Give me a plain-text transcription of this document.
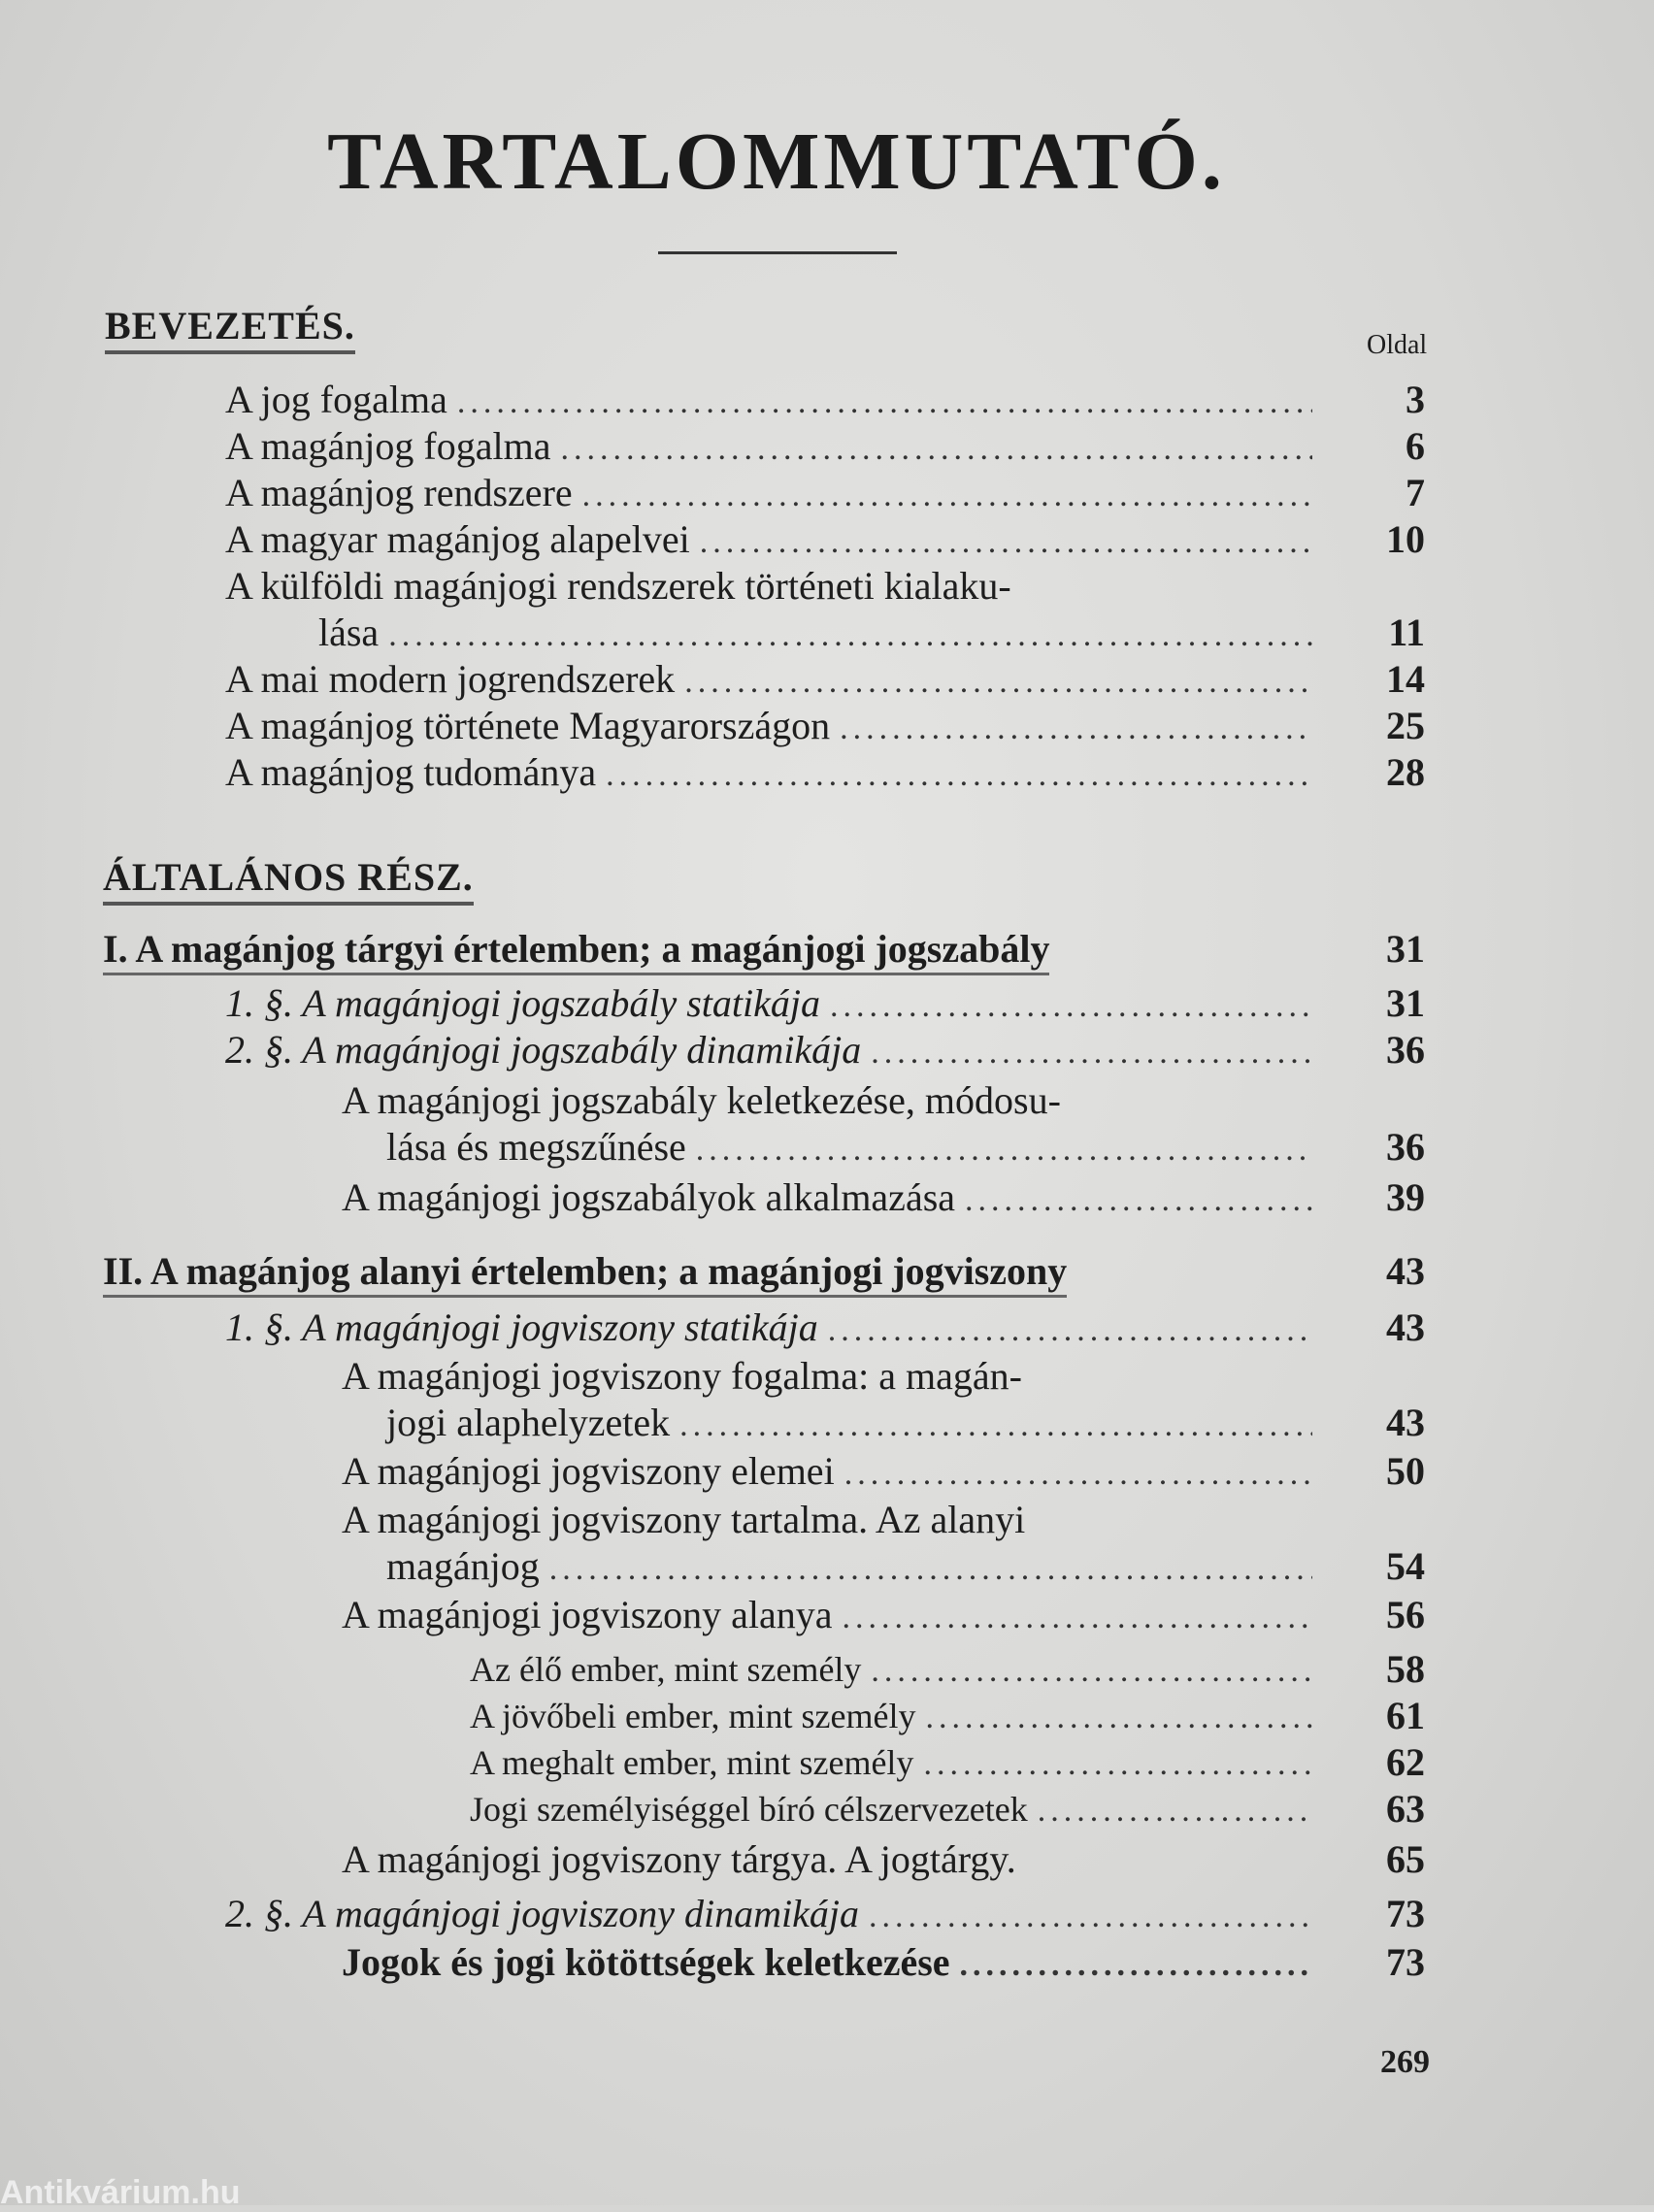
TARTALOMMUTATÓ.
BEVEZETÉS.	Oldal
A jog fogalma .....	3
A magánjog fogalma .....	6
A magánjog rendszere .....	7
A magyar magánjog alapelvei .....	10
A külföldi magánjogi rendszerek történeti kialaku-
lása .....	11
A mai modern jogrendszerek .....	14
A magánjog története Magyarországon .....	25
A magánjog tudománya .....	28
ÁLTALÁNOS RÉSZ.
I. A magánjog tárgyi értelemben; a magánjogi jogszabály	31
1. §. A magánjogi jogszabály statikája .....	31
2. §. A magánjogi jogszabály dinamikája .....	36
A magánjogi jogszabály keletkezése, módosu-
lása és megszűnése .....	36
A magánjogi jogszabályok alkalmazása .....	39
II. A magánjog alanyi értelemben; a magánjogi jogviszony	43
1. §. A magánjogi jogviszony statikája .....	43
A magánjogi jogviszony fogalma: a magán-
jogi alaphelyzetek .....	43
A magánjogi jogviszony elemei .....	50
A magánjogi jogviszony tartalma. Az alanyi
magánjog .....	54
A magánjogi jogviszony alanya .....	56
Az élő ember, mint személy .....	58
A jövőbeli ember, mint személy .....	61
A meghalt ember, mint személy .....	62
Jogi személyiséggel bíró célszervezetek .....	63
A magánjogi jogviszony tárgya. A jogtárgy.	65
2. §. A magánjogi jogviszony dinamikája .....	73
Jogok és jogi kötöttségek keletkezése .....	73
269
Antikvárium.hu
